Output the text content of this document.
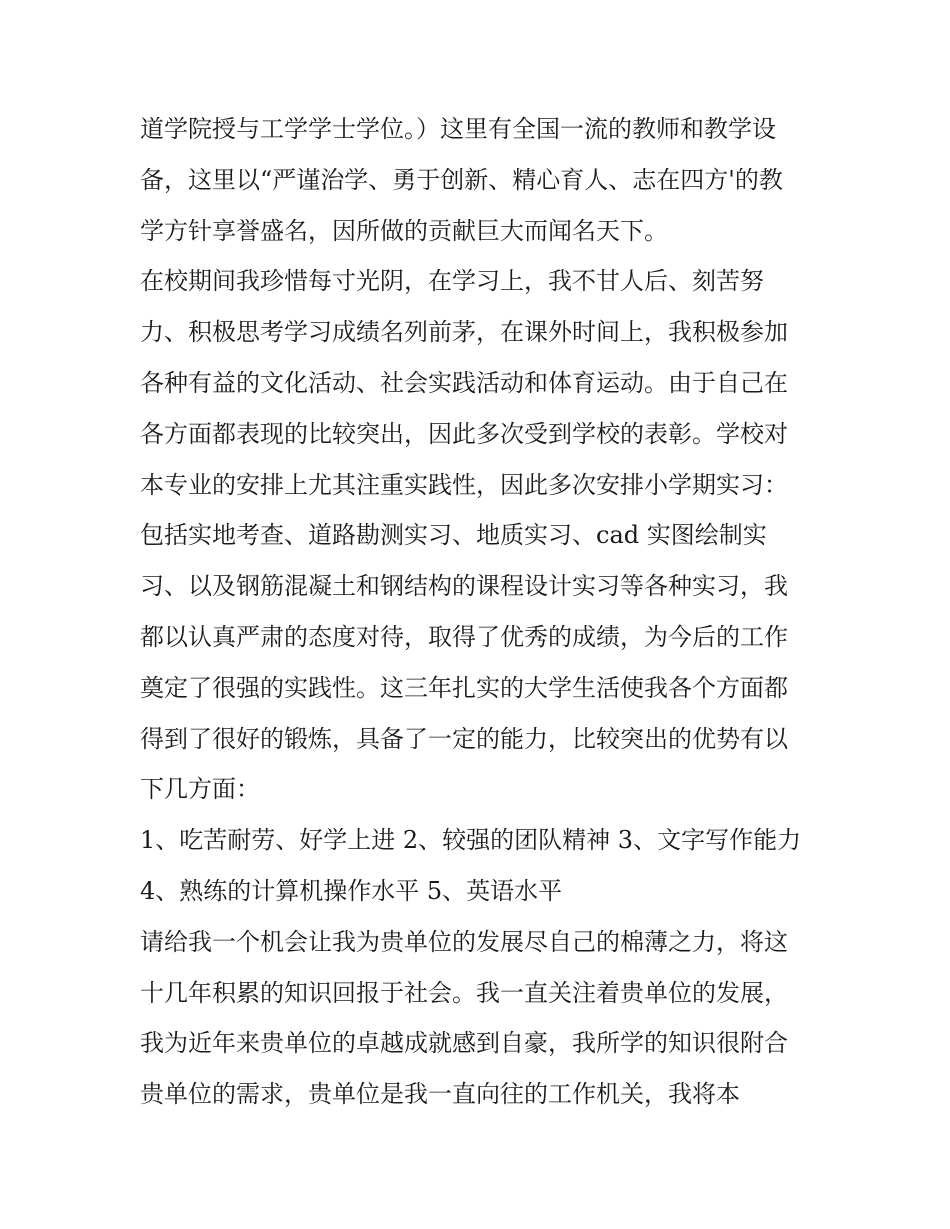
道学院授与工学学士学位。）这里有全国一流的教师和教学设
备，这里以“严谨治学、勇于创新、精心育人、志在四方'的教
学方针享誉盛名，因所做的贡献巨大而闻名天下。
在校期间我珍惜每寸光阴，在学习上，我不甘人后、刻苦努
力、积极思考学习成绩名列前茅，在课外时间上，我积极参加
各种有益的文化活动、社会实践活动和体育运动。由于自己在
各方面都表现的比较突出，因此多次受到学校的表彰。学校对
本专业的安排上尤其注重实践性，因此多次安排小学期实习：
包括实地考查、道路勘测实习、地质实习、cad 实图绘制实
习、以及钢筋混凝土和钢结构的课程设计实习等各种实习，我
都以认真严肃的态度对待，取得了优秀的成绩，为今后的工作
奠定了很强的实践性。这三年扎实的大学生活使我各个方面都
得到了很好的锻炼，具备了一定的能力，比较突出的优势有以
下几方面：
1、吃苦耐劳、好学上进 2、较强的团队精神 3、文字写作能力
4、熟练的计算机操作水平 5、英语水平
请给我一个机会让我为贵单位的发展尽自己的棉薄之力，将这
十几年积累的知识回报于社会。我一直关注着贵单位的发展，
我为近年来贵单位的卓越成就感到自豪，我所学的知识很附合
贵单位的需求，贵单位是我一直向往的工作机关，我将本
